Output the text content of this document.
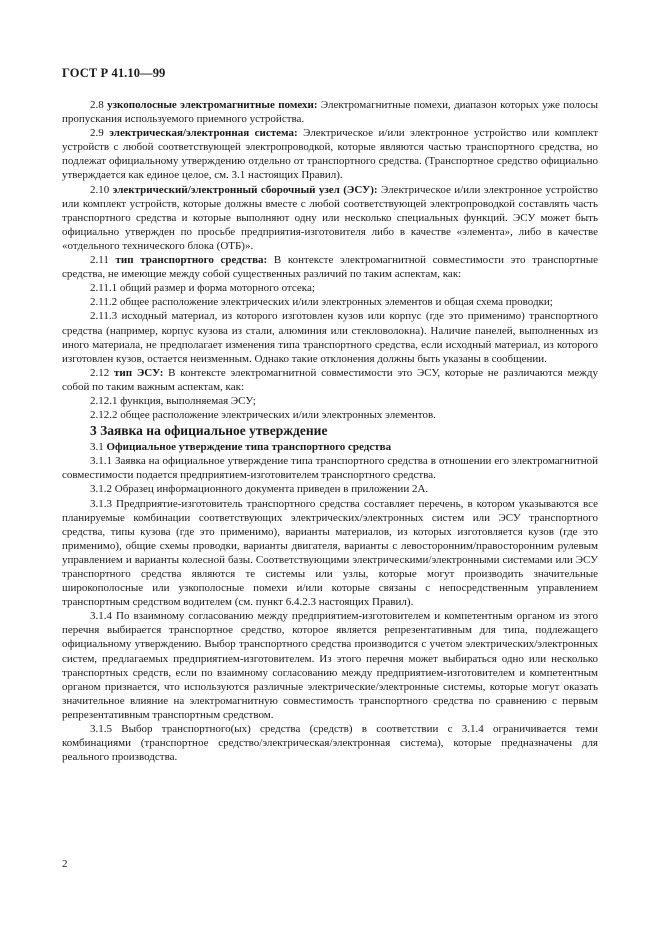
ГОСТ Р 41.10—99

2.8 узкополосные электромагнитные помехи: Электромагнитные помехи, диапазон которых уже полосы пропускания используемого приемного устройства.

2.9 электрическая/электронная система: Электрическое и/или электронное устройство или комплект устройств с любой соответствующей электропроводкой, которые являются частью транспортного средства, но подлежат официальному утверждению отдельно от транспортного средства. (Транспортное средство официально утверждается как единое целое, см. 3.1 настоящих Правил).

2.10 электрический/электронный сборочный узел (ЭСУ): Электрическое и/или электронное устройство или комплект устройств, которые должны вместе с любой соответствующей электропроводкой составлять часть транспортного средства и которые выполняют одну или несколько специальных функций. ЭСУ может быть официально утвержден по просьбе предприятия-изготовителя либо в качестве «элемента», либо в качестве «отдельного технического блока (ОТБ)».

2.11 тип транспортного средства: В контексте электромагнитной совместимости это транспортные средства, не имеющие между собой существенных различий по таким аспектам, как:

2.11.1 общий размер и форма моторного отсека;

2.11.2 общее расположение электрических и/или электронных элементов и общая схема проводки;

2.11.3 исходный материал, из которого изготовлен кузов или корпус (где это применимо) транспортного средства (например, корпус кузова из стали, алюминия или стекловолокна). Наличие панелей, выполненных из иного материала, не предполагает изменения типа транспортного средства, если исходный материал, из которого изготовлен кузов, остается неизменным. Однако такие отклонения должны быть указаны в сообщении.

2.12 тип ЭСУ: В контексте электромагнитной совместимости это ЭСУ, которые не различаются между собой по таким важным аспектам, как:

2.12.1 функция, выполняемая ЭСУ;

2.12.2 общее расположение электрических и/или электронных элементов.

3 Заявка на официальное утверждение

3.1 Официальное утверждение типа транспортного средства

3.1.1 Заявка на официальное утверждение типа транспортного средства в отношении его электромагнитной совместимости подается предприятием-изготовителем транспортного средства.

3.1.2 Образец информационного документа приведен в приложении 2А.

3.1.3 Предприятие-изготовитель транспортного средства составляет перечень, в котором указываются все планируемые комбинации соответствующих электрических/электронных систем или ЭСУ транспортного средства, типы кузова (где это применимо), варианты материалов, из которых изготовляется кузов (где это применимо), общие схемы проводки, варианты двигателя, варианты с левосторонним/правосторонним рулевым управлением и варианты колесной базы. Соответствующими электрическими/электронными системами или ЭСУ транспортного средства являются те системы или узлы, которые могут производить значительные широкополосные или узкополосные помехи и/или которые связаны с непосредственным управлением транспортным средством водителем (см. пункт 6.4.2.3 настоящих Правил).

3.1.4 По взаимному согласованию между предприятием-изготовителем и компетентным органом из этого перечня выбирается транспортное средство, которое является репрезентативным для типа, подлежащего официальному утверждению. Выбор транспортного средства производится с учетом электрических/электронных систем, предлагаемых предприятием-изготовителем. Из этого перечня может выбираться одно или несколько транспортных средств, если по взаимному согласованию между предприятием-изготовителем и компетентным органом признается, что используются различные электрические/электронные системы, которые могут оказать значительное влияние на электромагнитную совместимость транспортного средства по сравнению с первым репрезентативным транспортным средством.

3.1.5 Выбор транспортного(ых) средства (средств) в соответствии с 3.1.4 ограничивается теми комбинациями (транспортное средство/электрическая/электронная система), которые предназначены для реального производства.

2
